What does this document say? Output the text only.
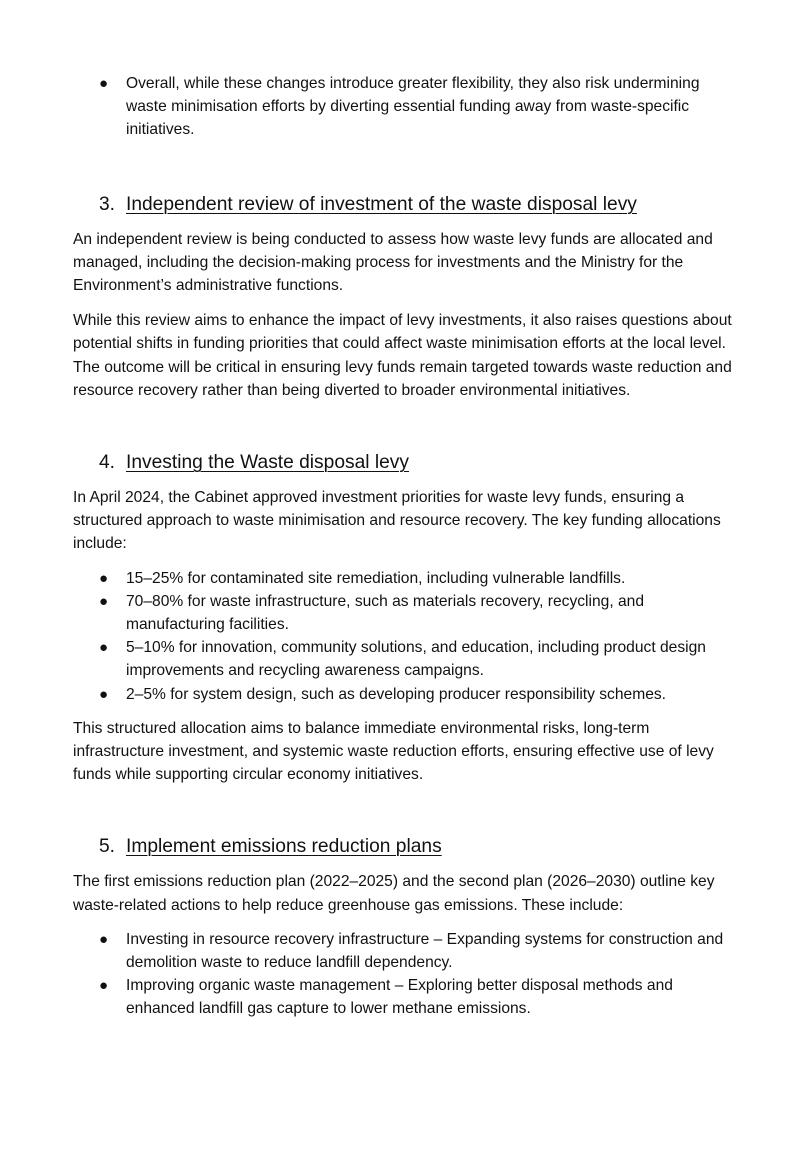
● Overall, while these changes introduce greater flexibility, they also risk undermining waste minimisation efforts by diverting essential funding away from waste-specific initiatives.
3. Independent review of investment of the waste disposal levy

An independent review is being conducted to assess how waste levy funds are allocated and managed, including the decision-making process for investments and the Ministry for the Environment’s administrative functions.

While this review aims to enhance the impact of levy investments, it also raises questions about potential shifts in funding priorities that could affect waste minimisation efforts at the local level. The outcome will be critical in ensuring levy funds remain targeted towards waste reduction and resource recovery rather than being diverted to broader environmental initiatives.

4. Investing the Waste disposal levy

In April 2024, the Cabinet approved investment priorities for waste levy funds, ensuring a structured approach to waste minimisation and resource recovery. The key funding allocations include:

● 15–25% for contaminated site remediation, including vulnerable landfills.
● 70–80% for waste infrastructure, such as materials recovery, recycling, and manufacturing facilities.
● 5–10% for innovation, community solutions, and education, including product design improvements and recycling awareness campaigns.
● 2–5% for system design, such as developing producer responsibility schemes.

This structured allocation aims to balance immediate environmental risks, long-term infrastructure investment, and systemic waste reduction efforts, ensuring effective use of levy funds while supporting circular economy initiatives.

5. Implement emissions reduction plans

The first emissions reduction plan (2022–2025) and the second plan (2026–2030) outline key waste-related actions to help reduce greenhouse gas emissions. These include:

● Investing in resource recovery infrastructure – Expanding systems for construction and demolition waste to reduce landfill dependency.
● Improving organic waste management – Exploring better disposal methods and enhanced landfill gas capture to lower methane emissions.
